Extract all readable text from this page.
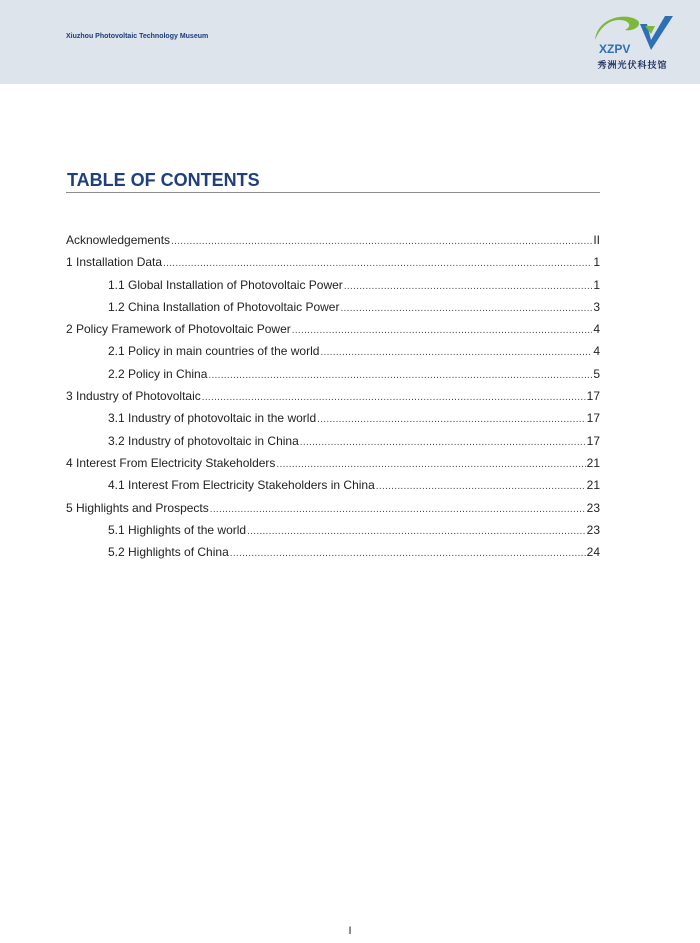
Xiuzhou Photovoltaic Technology Museum
XZPV
秀洲光伏科技馆
TABLE OF CONTENTS
Acknowledgements .....	II
1 Installation Data .....	1
1.1 Global Installation of Photovoltaic Power .....	1
1.2 China Installation of Photovoltaic Power .....	3
2 Policy Framework of Photovoltaic Power .....	4
2.1 Policy in main countries of the world .....	4
2.2 Policy in China .....	5
3 Industry of Photovoltaic .....	17
3.1 Industry of photovoltaic in the world .....	17
3.2 Industry of photovoltaic in China .....	17
4 Interest From Electricity Stakeholders .....	21
4.1 Interest From Electricity Stakeholders in China .....	21
5 Highlights and Prospects .....	23
5.1 Highlights of the world .....	23
5.2 Highlights of China .....	24
I
